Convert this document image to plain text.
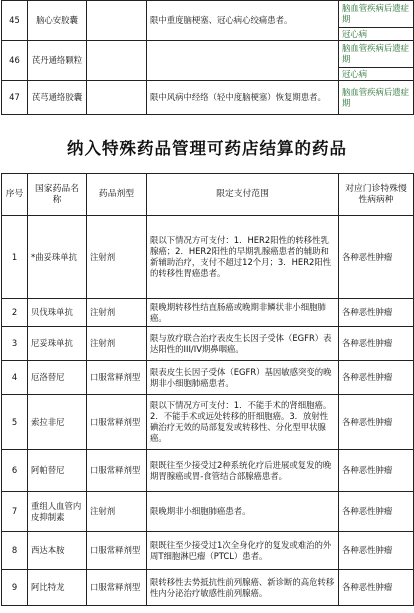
45	脑心安胶囊		限中重度脑梗塞、冠心病心绞痛患者。	脑血管疾病后遗症期
冠心病

46	芪丹通络颗粒			脑血管疾病后遗症期
冠心病

47	芪芎通络胶囊		限中风病中经络（轻中度脑梗塞）恢复期患者。	脑血管疾病后遗症期
纳入特殊药品管理可药店结算的药品
序号	国家药品名称	药品剂型	限定支付范围	对应门诊特殊慢性病病种
1	*曲妥珠单抗	注射剂	限以下情况方可支付：1．HER2阳性的转移性乳腺癌；2．HER2阳性的早期乳腺癌患者的辅助和新辅助治疗，支付不超过12个月；3．HER2阳性的转移性胃癌患者。	各种恶性肿瘤
2	贝伐珠单抗	注射剂	限晚期转移性结直肠癌或晚期非鳞状非小细胞肺癌。	各种恶性肿瘤
3	尼妥珠单抗	注射剂	限与放疗联合治疗表皮生长因子受体（EGFR）表达阳性的III/IV期鼻咽癌。	各种恶性肿瘤
4	厄洛替尼	口服常释剂型	限表皮生长因子受体（EGFR）基因敏感突变的晚期非小细胞肺癌患者。	各种恶性肿瘤
5	索拉非尼	口服常释剂型	限以下情况方可支付：1．不能手术的肾细胞癌。2．不能手术或远处转移的肝细胞癌。3．放射性碘治疗无效的局部复发或转移性、分化型甲状腺癌。	各种恶性肿瘤
6	阿帕替尼	口服常释剂型	限既往至少接受过2种系统化疗后进展或复发的晚期胃腺癌或胃-食管结合部腺癌患者。	各种恶性肿瘤
7	重组人血管内皮抑制素	注射剂	限晚期非小细胞肺癌患者。	各种恶性肿瘤
8	西达本胺	口服常释剂型	限既往至少接受过1次全身化疗的复发或难治的外周T细胞淋巴瘤（PTCL）患者。	各种恶性肿瘤
9	阿比特龙	口服常释剂型	限转移性去势抵抗性前列腺癌、新诊断的高危转移性内分泌治疗敏感性前列腺癌。	各种恶性肿瘤
